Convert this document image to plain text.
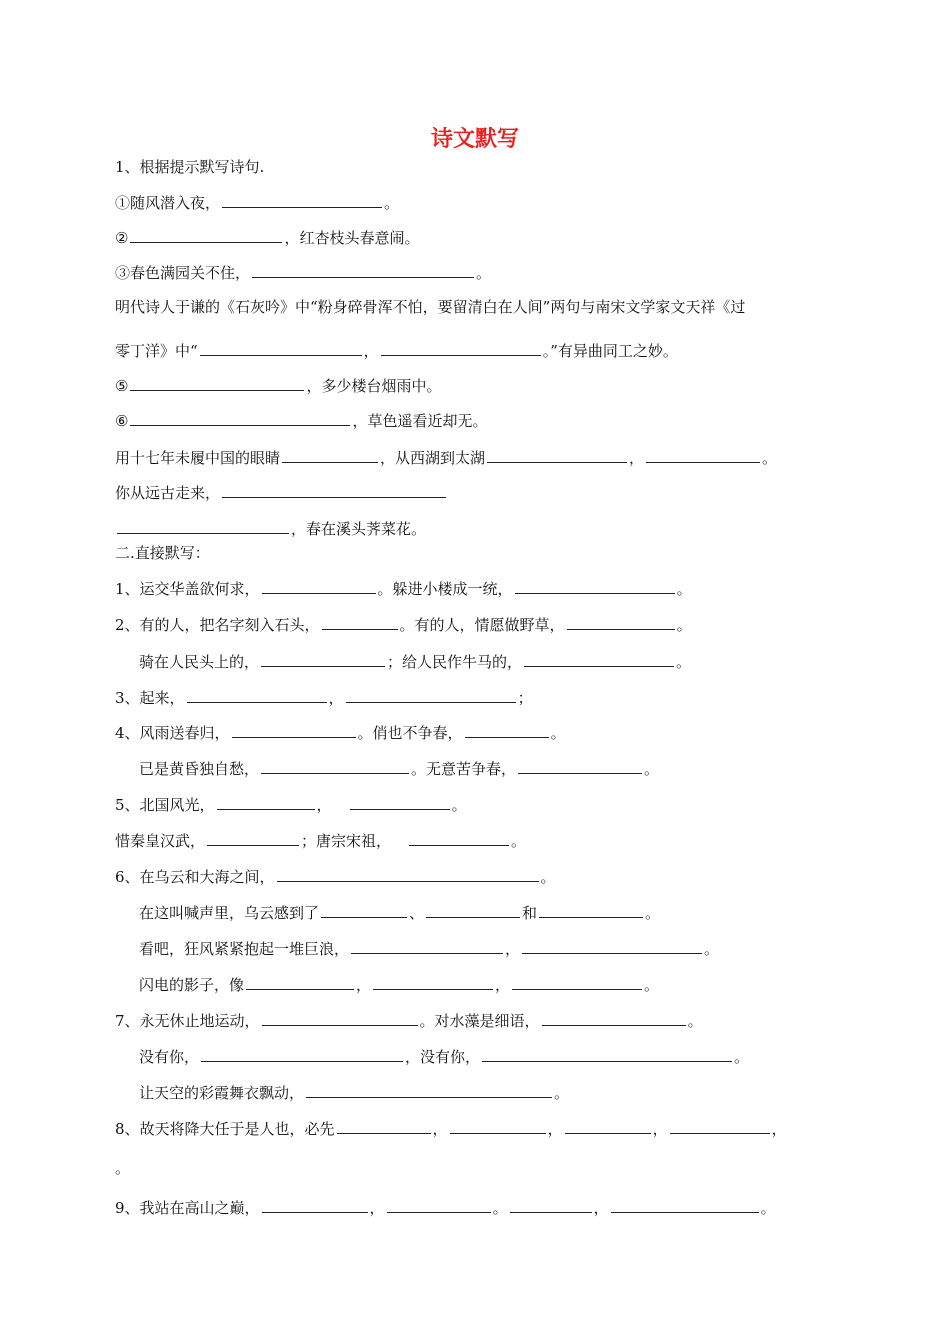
诗文默写
1、根据提示默写诗句.
①随风潜入夜，	。
②	，红杏枝头春意闹。
③春色满园关不住，	。
明代诗人于谦的《石灰吟》中“粉身碎骨浑不怕，要留清白在人间”两句与南宋文学家文天祥《过
零丁洋》中“	，	。”有异曲同工之妙。
⑤	，多少楼台烟雨中。
⑥	，草色遥看近却无。
用十七年未履中国的眼睛	，从西湖到太湖	，	。
你从远古走来，
，春在溪头荠菜花。
二.直接默写：
1、运交华盖欲何求，	。躲进小楼成一统，	。
2、有的人，把名字刻入石头，	。有的人，情愿做野草，	。
骑在人民头上的，	；给人民作牛马的，	。
3、起来，	，	；
4、风雨送春归，	。俏也不争春，	。
已是黄昏独自愁，	。无意苦争春，	。
5、北国风光，	，	。
惜秦皇汉武，	；唐宗宋祖，	。
6、在乌云和大海之间，	。
在这叫喊声里，乌云感到了	、	和	。
看吧，狂风紧紧抱起一堆巨浪，	，	。
闪电的影子，像	，	，	。
7、永无休止地运动，	。对水藻是细语，	。
没有你，	，没有你，	。
让天空的彩霞舞衣飘动，	。
8、故天将降大任于是人也，必先	，	，	，	，
。
9、我站在高山之巅，	，	。	，	。
